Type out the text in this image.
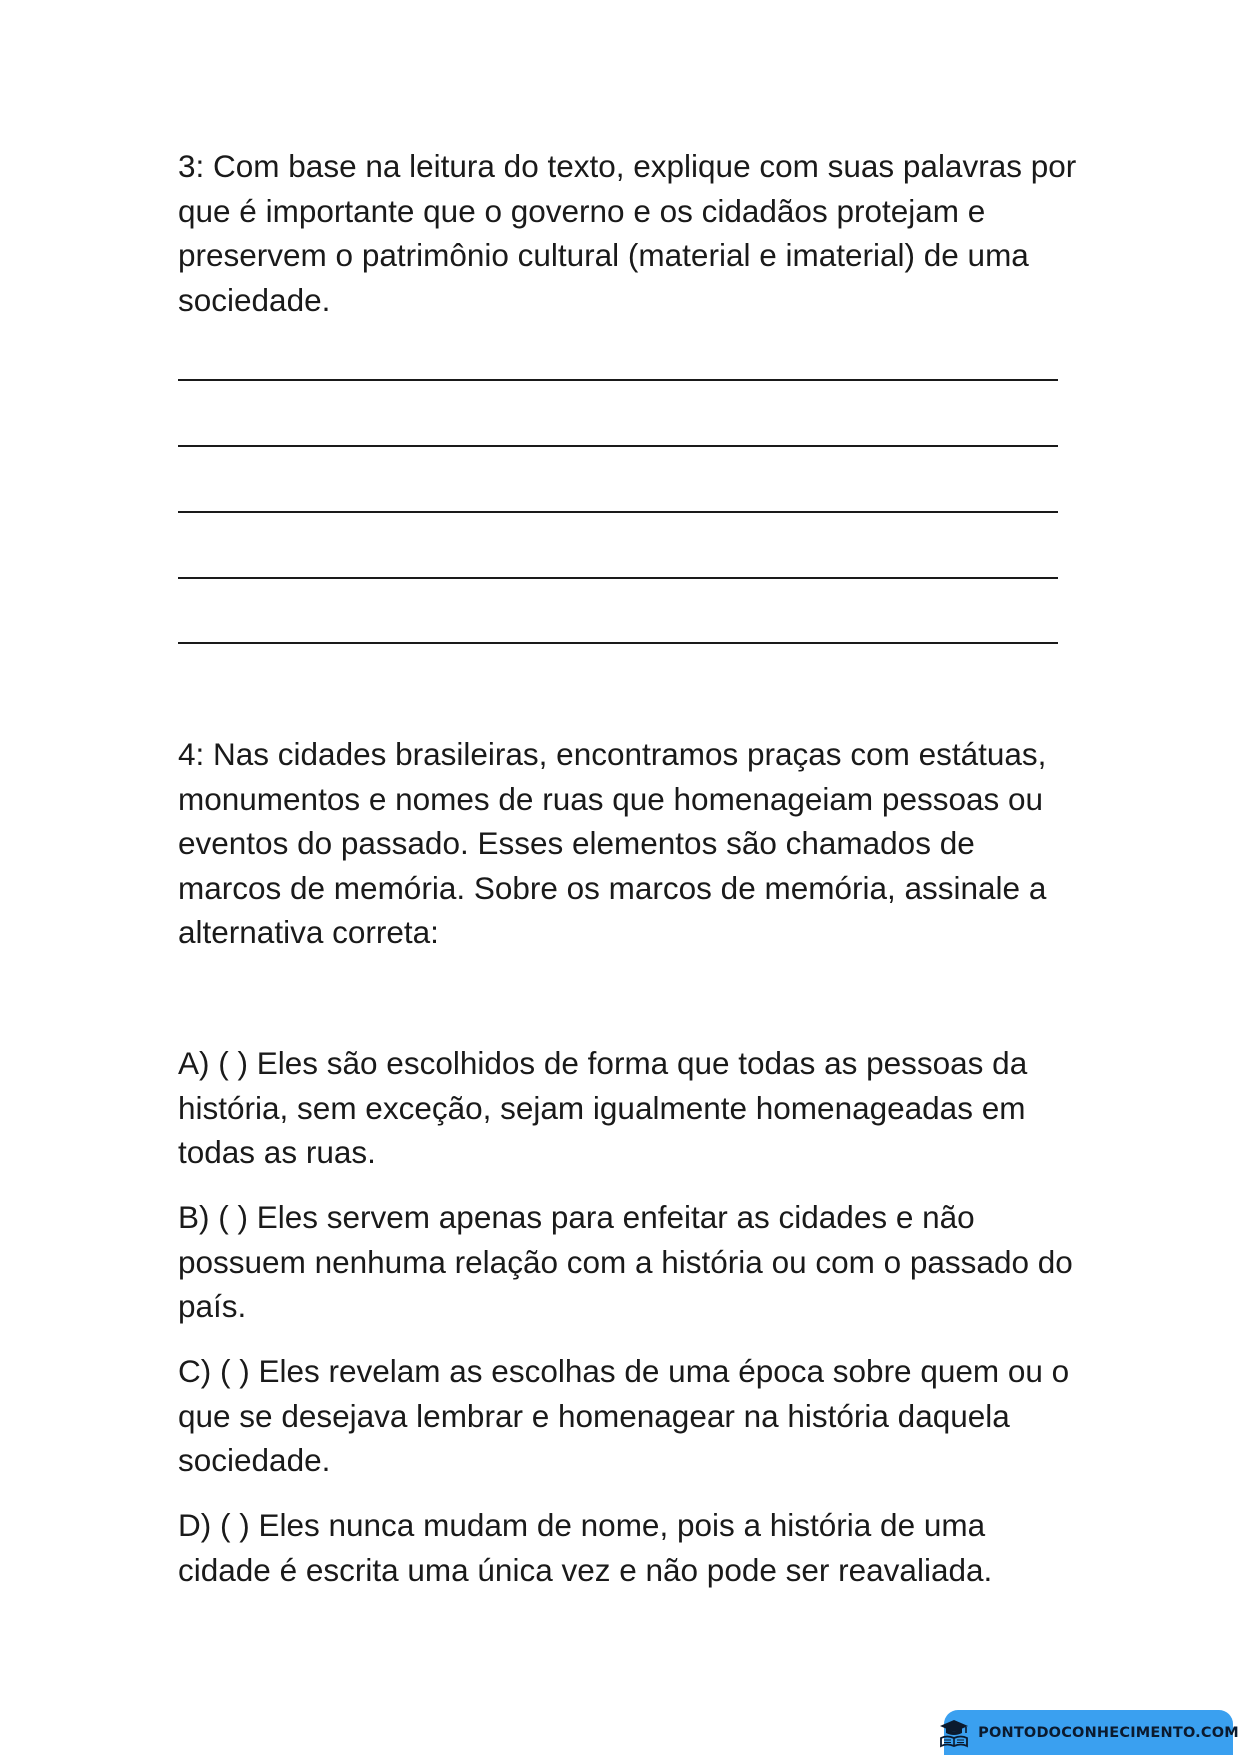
3: Com base na leitura do texto, explique com suas palavras por que é importante que o governo e os cidadãos protejam e preservem o patrimônio cultural (material e imaterial) de uma sociedade.

4: Nas cidades brasileiras, encontramos praças com estátuas, monumentos e nomes de ruas que homenageiam pessoas ou eventos do passado. Esses elementos são chamados de marcos de memória. Sobre os marcos de memória, assinale a alternativa correta:

A) ( ) Eles são escolhidos de forma que todas as pessoas da história, sem exceção, sejam igualmente homenageadas em todas as ruas.

B) ( ) Eles servem apenas para enfeitar as cidades e não possuem nenhuma relação com a história ou com o passado do país.

C) ( ) Eles revelam as escolhas de uma época sobre quem ou o que se desejava lembrar e homenagear na história daquela sociedade.

D) ( ) Eles nunca mudam de nome, pois a história de uma cidade é escrita uma única vez e não pode ser reavaliada.

PONTODOCONHECIMENTO.COM
